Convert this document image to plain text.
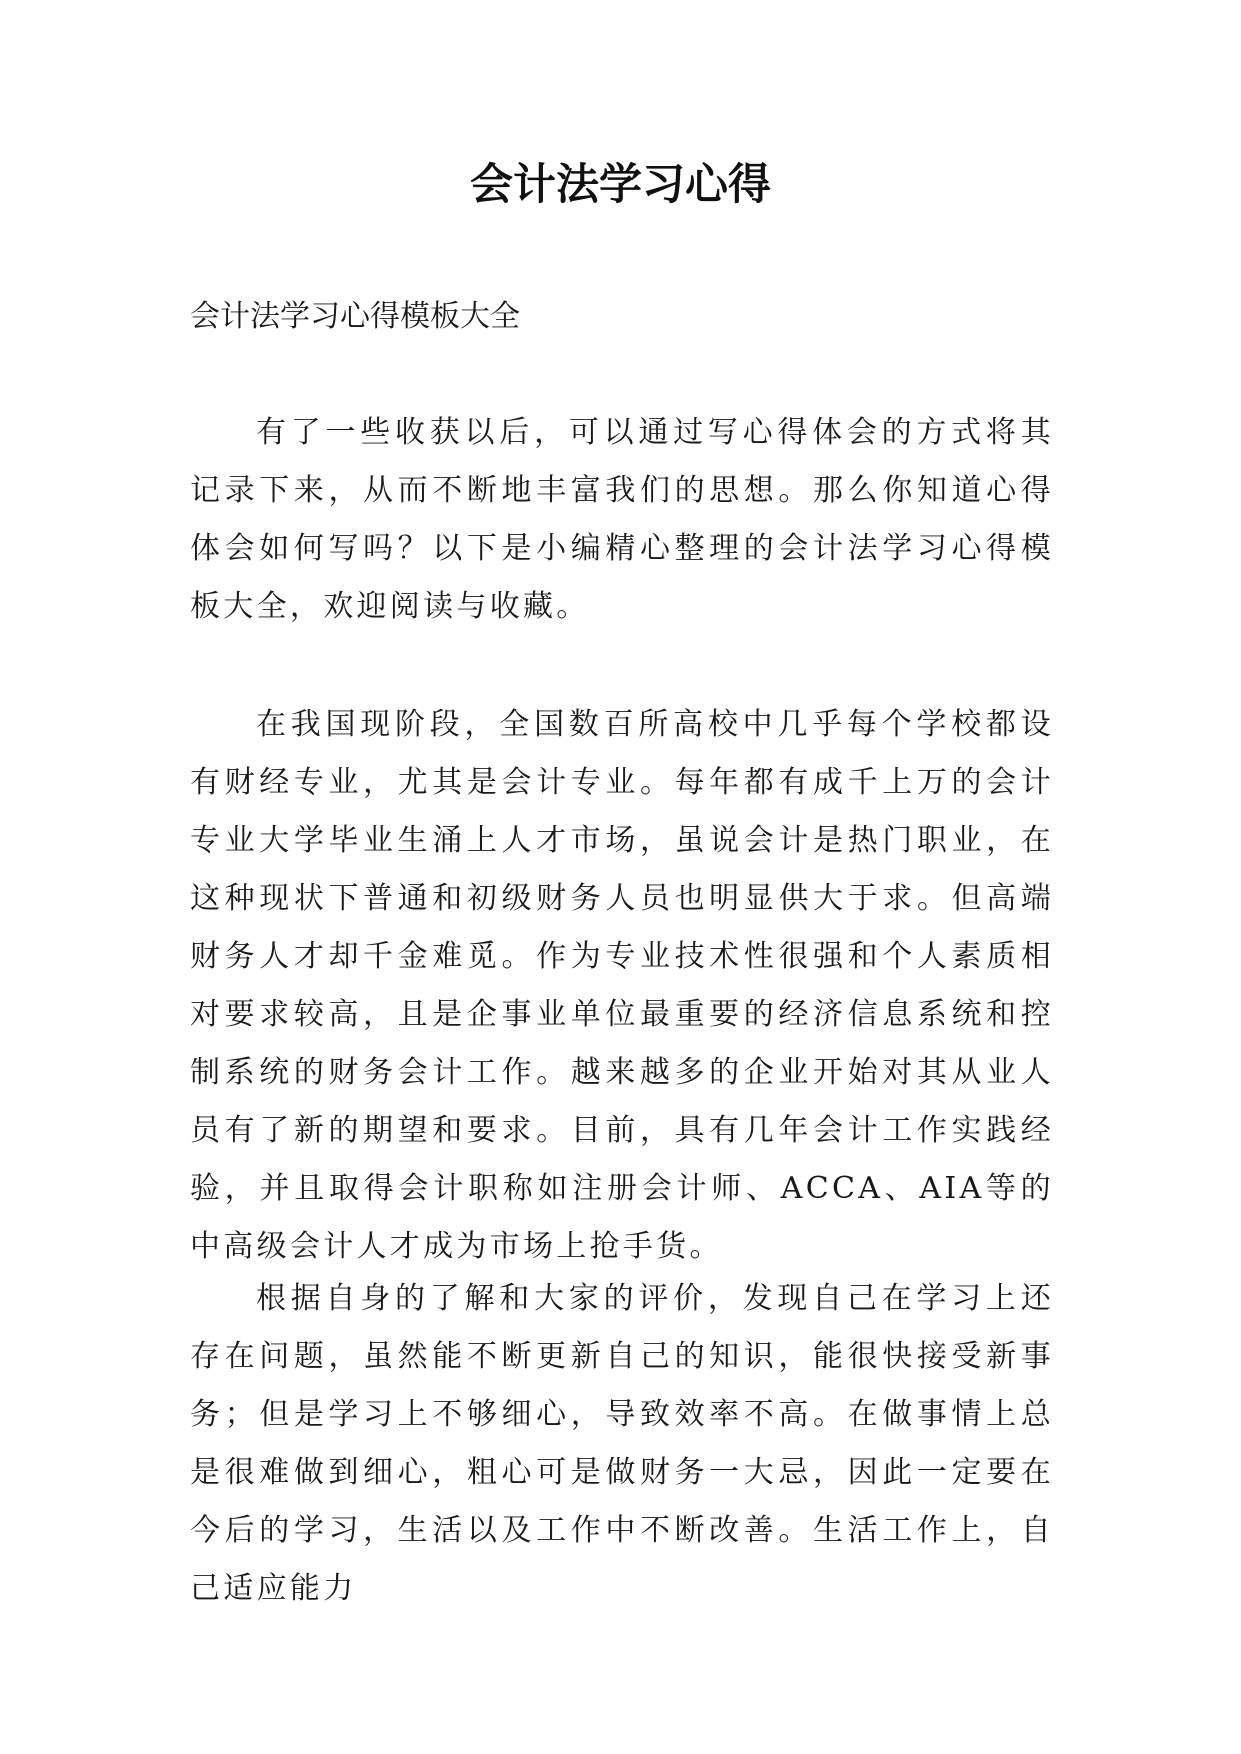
会计法学习心得

会计法学习心得模板大全

有了一些收获以后，可以通过写心得体会的方式将其记录下来，从而不断地丰富我们的思想。那么你知道心得体会如何写吗？以下是小编精心整理的会计法学习心得模板大全，欢迎阅读与收藏。

在我国现阶段，全国数百所高校中几乎每个学校都设有财经专业，尤其是会计专业。每年都有成千上万的会计专业大学毕业生涌上人才市场，虽说会计是热门职业，在这种现状下普通和初级财务人员也明显供大于求。但高端财务人才却千金难觅。作为专业技术性很强和个人素质相对要求较高，且是企事业单位最重要的经济信息系统和控制系统的财务会计工作。越来越多的企业开始对其从业人员有了新的期望和要求。目前，具有几年会计工作实践经验，并且取得会计职称如注册会计师、ACCA、AIA等的中高级会计人才成为市场上抢手货。

根据自身的了解和大家的评价，发现自己在学习上还存在问题，虽然能不断更新自己的知识，能很快接受新事务；但是学习上不够细心，导致效率不高。在做事情上总是很难做到细心，粗心可是做财务一大忌，因此一定要在今后的学习，生活以及工作中不断改善。生活工作上，自己适应能力
